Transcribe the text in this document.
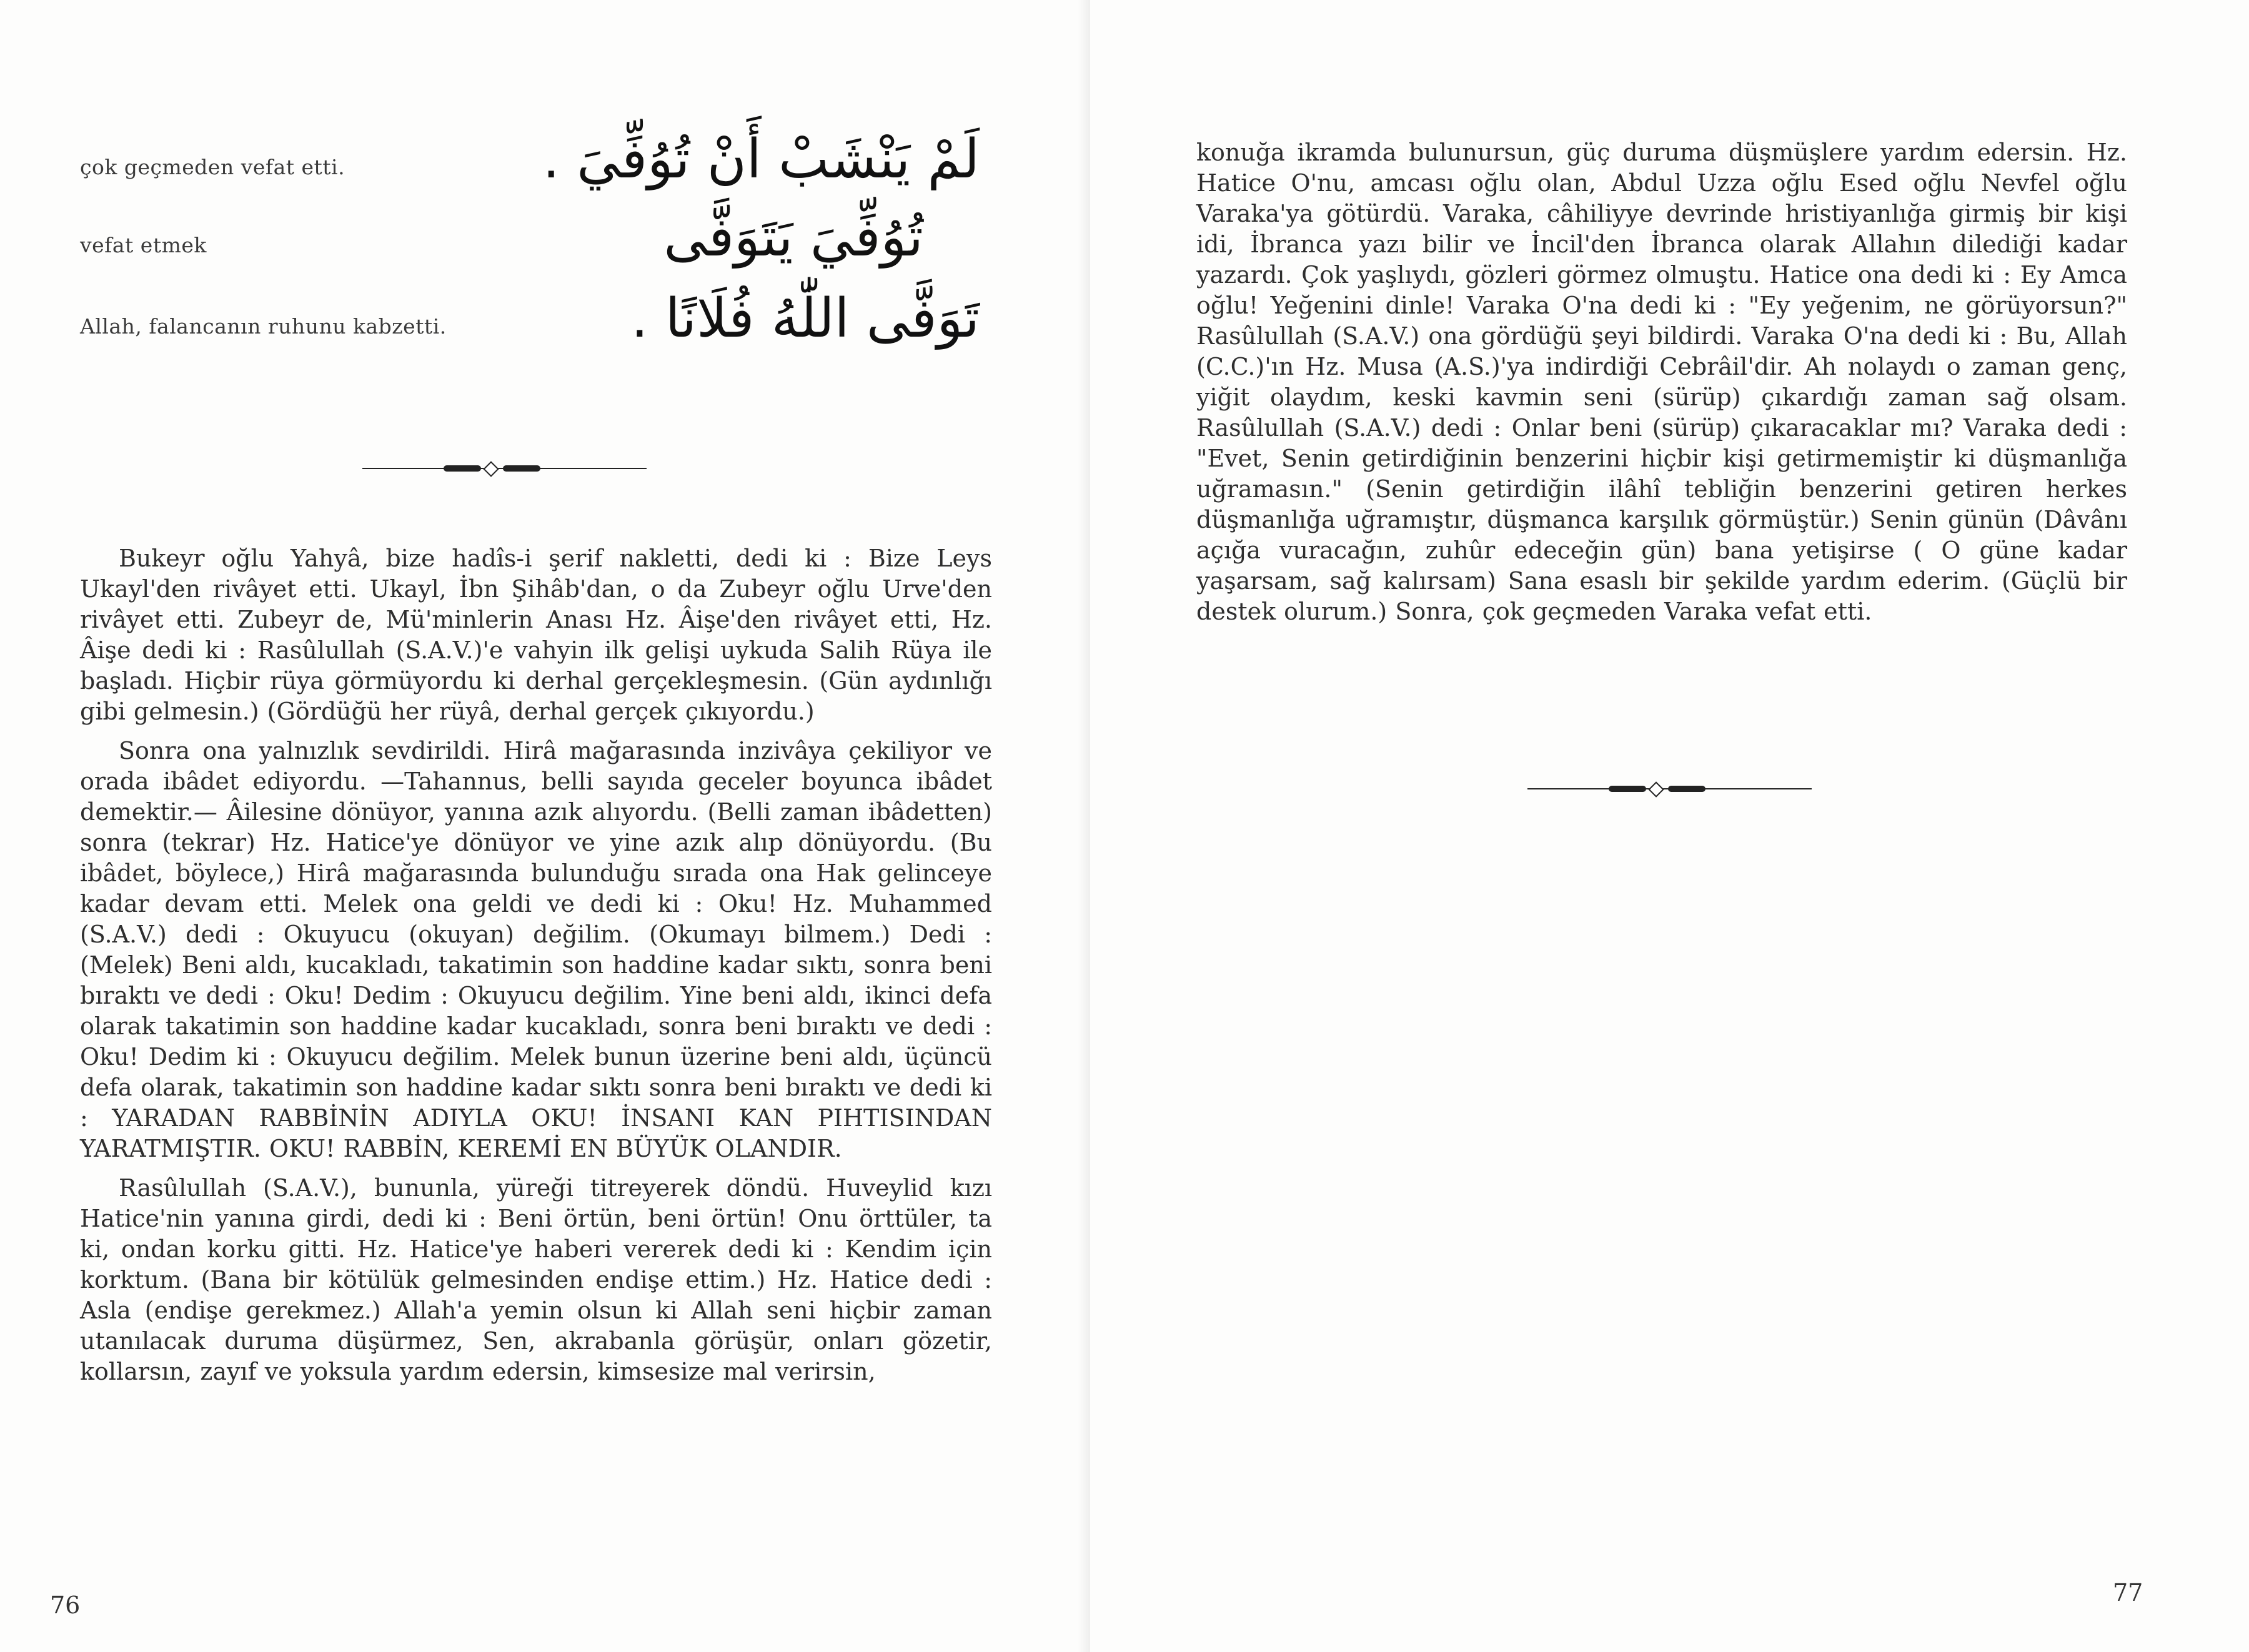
çok geçmeden vefat etti.	لَمْ يَنْشَبْ أَنْ تُوُفِّيَ .
vefat etmek	تُوُفِّيَ يَتَوَفَّى
Allah, falancanın ruhunu kabzetti.	تَوَفَّى اللّٰهُ فُلَانًا .

Bukeyr oğlu Yahyâ, bize hadîs-i şerif nakletti, dedi ki : Bize Leys Ukayl'den rivâyet etti. Ukayl, İbn Şihâb'dan, o da Zubeyr oğlu Urve'den rivâyet etti. Zubeyr de, Mü'minlerin Anası Hz. Âişe'den rivâyet etti, Hz. Âişe dedi ki : Rasûlullah (S.A.V.)'e vahyin ilk gelişi uykuda Salih Rüya ile başladı. Hiçbir rüya görmüyordu ki derhal gerçekleşmesin. (Gün aydınlığı gibi gelmesin.) (Gördüğü her rüyâ, derhal gerçek çıkıyordu.)

Sonra ona yalnızlık sevdirildi. Hirâ mağarasında inzivâya çekiliyor ve orada ibâdet ediyordu. —Tahannus, belli sayıda geceler boyunca ibâdet demektir.— Âilesine dönüyor, yanına azık alıyordu. (Belli zaman ibâdetten) sonra (tekrar) Hz. Hatice'ye dönüyor ve yine azık alıp dönüyordu. (Bu ibâdet, böylece,) Hirâ mağarasında bulunduğu sırada ona Hak gelinceye kadar devam etti. Melek ona geldi ve dedi ki : Oku! Hz. Muhammed (S.A.V.) dedi : Okuyucu (okuyan) değilim. (Okumayı bilmem.) Dedi : (Melek) Beni aldı, kucakladı, takatimin son haddine kadar sıktı, sonra beni bıraktı ve dedi : Oku! Dedim : Okuyucu değilim. Yine beni aldı, ikinci defa olarak takatimin son haddine kadar kucakladı, sonra beni bıraktı ve dedi : Oku! Dedim ki : Okuyucu değilim. Melek bunun üzerine beni aldı, üçüncü defa olarak, takatimin son haddine kadar sıktı sonra beni bıraktı ve dedi ki : YARADAN RABBİNİN ADIYLA OKU! İNSANI KAN PIHTISINDAN YARATMIŞTIR. OKU! RABBİN, KEREMİ EN BÜYÜK OLANDIR.

Rasûlullah (S.A.V.), bununla, yüreği titreyerek döndü. Huveylid kızı Hatice'nin yanına girdi, dedi ki : Beni örtün, beni örtün! Onu örttüler, ta ki, ondan korku gitti. Hz. Hatice'ye haberi vererek dedi ki : Kendim için korktum. (Bana bir kötülük gelmesinden endişe ettim.) Hz. Hatice dedi : Asla (endişe gerekmez.) Allah'a yemin olsun ki Allah seni hiçbir zaman utanılacak duruma düşürmez, Sen, akrabanla görüşür, onları gözetir, kollarsın, zayıf ve yoksula yardım edersin, kimsesize mal verirsin,

76

konuğa ikramda bulunursun, güç duruma düşmüşlere yardım edersin. Hz. Hatice O'nu, amcası oğlu olan, Abdul Uzza oğlu Esed oğlu Nevfel oğlu Varaka'ya götürdü. Varaka, câhiliyye devrinde hristiyanlığa girmiş bir kişi idi, İbranca yazı bilir ve İncil'den İbranca olarak Allahın dilediği kadar yazardı. Çok yaşlıydı, gözleri görmez olmuştu. Hatice ona dedi ki : Ey Amca oğlu! Yeğenini dinle! Varaka O'na dedi ki : "Ey yeğenim, ne görüyorsun?" Rasûlullah (S.A.V.) ona gördüğü şeyi bildirdi. Varaka O'na dedi ki : Bu, Allah (C.C.)'ın Hz. Musa (A.S.)'ya indirdiği Cebrâil'dir. Ah nolaydı o zaman genç, yiğit olaydım, keski kavmin seni (sürüp) çıkardığı zaman sağ olsam. Rasûlullah (S.A.V.) dedi : Onlar beni (sürüp) çıkaracaklar mı? Varaka dedi : "Evet, Senin getirdiğinin benzerini hiçbir kişi getirmemiştir ki düşmanlığa uğramasın." (Senin getirdiğin ilâhî tebliğin benzerini getiren herkes düşmanlığa uğramıştır, düşmanca karşılık görmüştür.) Senin günün (Dâvânı açığa vuracağın, zuhûr edeceğin gün) bana yetişirse ( O güne kadar yaşarsam, sağ kalırsam) Sana esaslı bir şekilde yardım ederim. (Güçlü bir destek olurum.) Sonra, çok geçmeden Varaka vefat etti.

77
